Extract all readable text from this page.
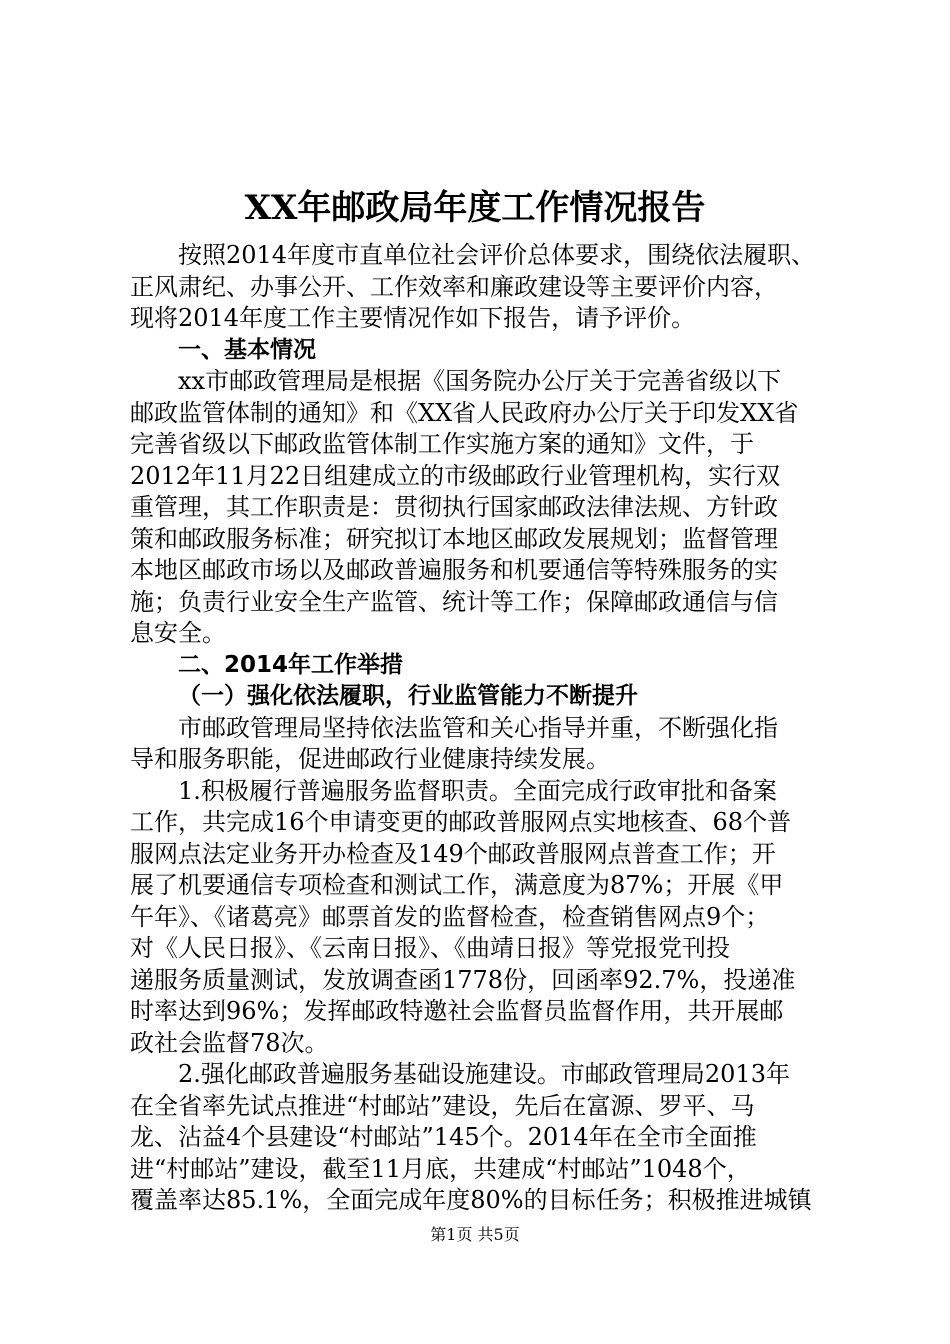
XX年邮政局年度工作情况报告
按照2014年度市直单位社会评价总体要求，围绕依法履职、
正风肃纪、办事公开、工作效率和廉政建设等主要评价内容，
现将2014年度工作主要情况作如下报告，请予评价。
一、基本情况
xx市邮政管理局是根据《国务院办公厅关于完善省级以下
邮政监管体制的通知》和《XX省人民政府办公厅关于印发XX省
完善省级以下邮政监管体制工作实施方案的通知》文件，于
2012年11月22日组建成立的市级邮政行业管理机构，实行双
重管理，其工作职责是：贯彻执行国家邮政法律法规、方针政
策和邮政服务标准；研究拟订本地区邮政发展规划；监督管理
本地区邮政市场以及邮政普遍服务和机要通信等特殊服务的实
施；负责行业安全生产监管、统计等工作；保障邮政通信与信
息安全。
二、2014年工作举措
（一）强化依法履职，行业监管能力不断提升
市邮政管理局坚持依法监管和关心指导并重，不断强化指
导和服务职能，促进邮政行业健康持续发展。
1.积极履行普遍服务监督职责。全面完成行政审批和备案
工作，共完成16个申请变更的邮政普服网点实地核查、68个普
服网点法定业务开办检查及149个邮政普服网点普查工作；开
展了机要通信专项检查和测试工作，满意度为87%；开展《甲
午年》、《诸葛亮》邮票首发的监督检查，检查销售网点9个；
对《人民日报》、《云南日报》、《曲靖日报》等党报党刊投
递服务质量测试，发放调查函1778份，回函率92.7%，投递准
时率达到96%；发挥邮政特邀社会监督员监督作用，共开展邮
政社会监督78次。
2.强化邮政普遍服务基础设施建设。市邮政管理局2013年
在全省率先试点推进“村邮站”建设，先后在富源、罗平、马
龙、沾益4个县建设“村邮站”145个。2014年在全市全面推
进“村邮站”建设，截至11月底，共建成“村邮站”1048个，
覆盖率达85.1%，全面完成年度80%的目标任务；积极推进城镇
第1页 共5页
